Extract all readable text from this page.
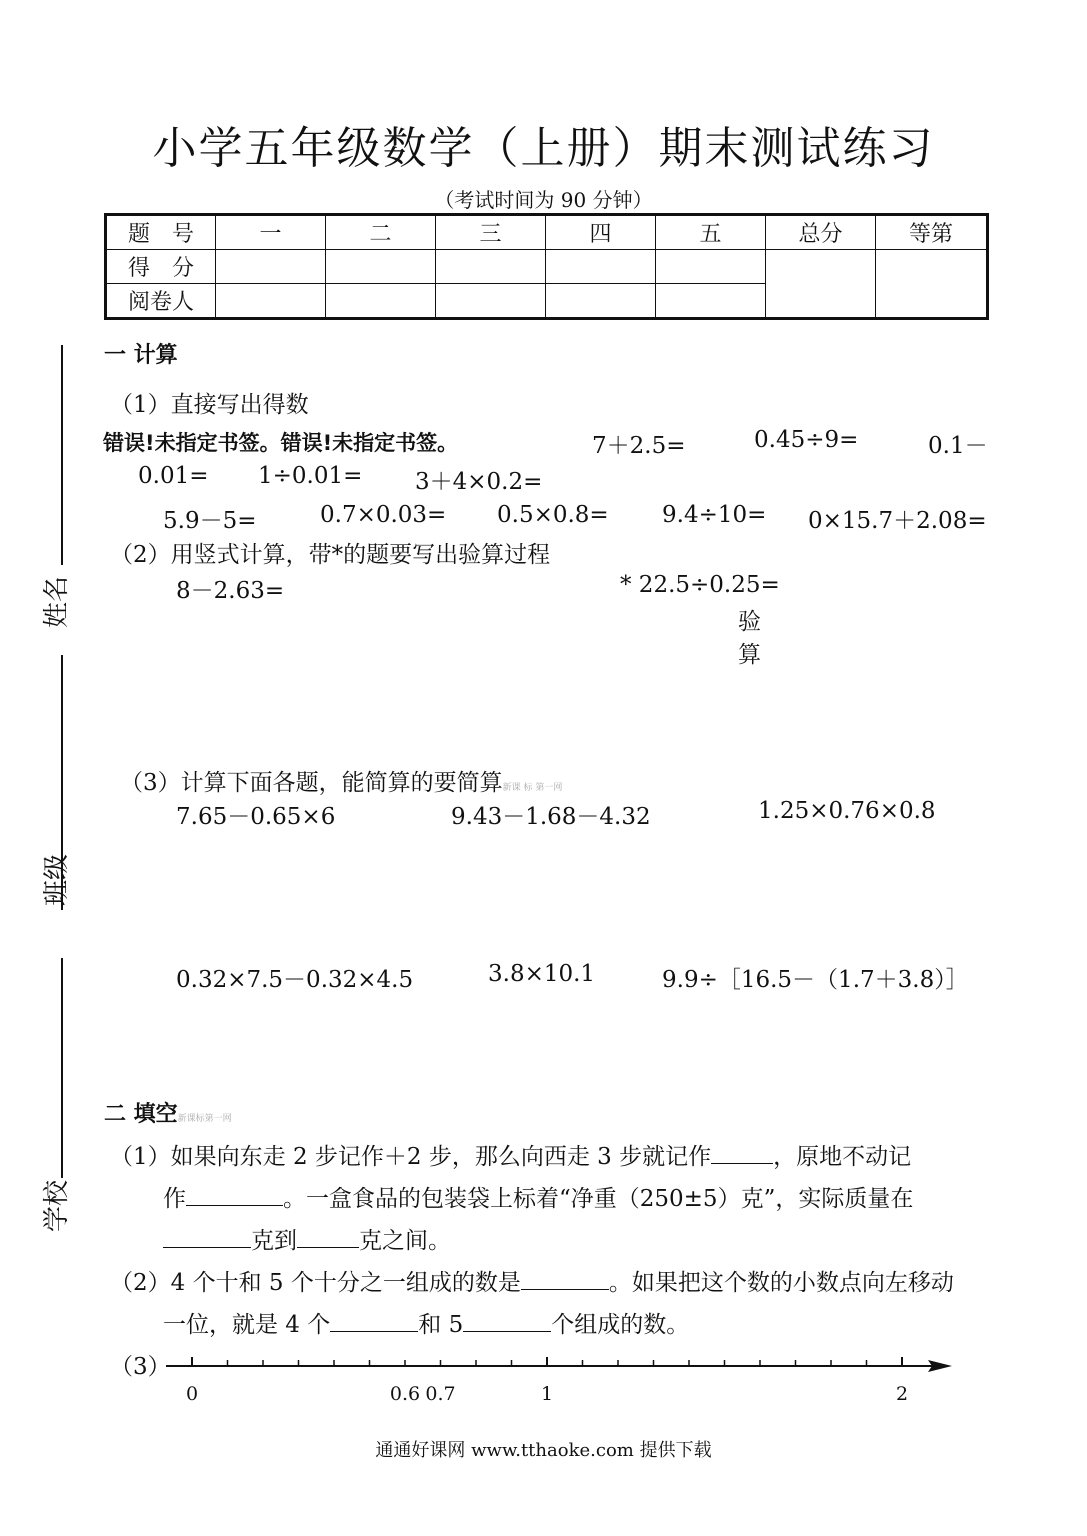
小学五年级数学（上册）期末测试练习
（考试时间为 90 分钟）
题　号	一	二	三	四	五	总分	等第
得　分							
阅卷人							
姓名
班级
学校
一 计算
（1）直接写出得数
错误!未指定书签。错误!未指定书签。	7＋2.5=	0.45÷9=	0.1－
0.01= 1÷0.01= 3＋4×0.2=
5.9－5=	0.7×0.03= 0.5×0.8= 9.4÷10= 0×15.7＋2.08=
（2）用竖式计算，带*的题要写出验算过程
8－2.63=	* 22.5÷0.25=
验
算
（3）计算下面各题，能简算的要简算新课 标 第一网
7.65－0.65×6	9.43－1.68－4.32	1.25×0.76×0.8
0.32×7.5－0.32×4.5	3.8×10.1	9.9÷［16.5－（1.7＋3.8）］
二 填空新课标第一网
（1）如果向东走 2 步记作＋2 步，那么向西走 3 步就记作	，原地不动记
作	。一盒食品的包装袋上标着“净重（250±5）克”，实际质量在
克到	克之间。
（2）4 个十和 5 个十分之一组成的数是	。如果把这个数的小数点向左移动
一位，就是 4 个	和 5	个组成的数。
（3）
0	0.6 0.7	1	2
通通好课网 www.tthaoke.com 提供下载
